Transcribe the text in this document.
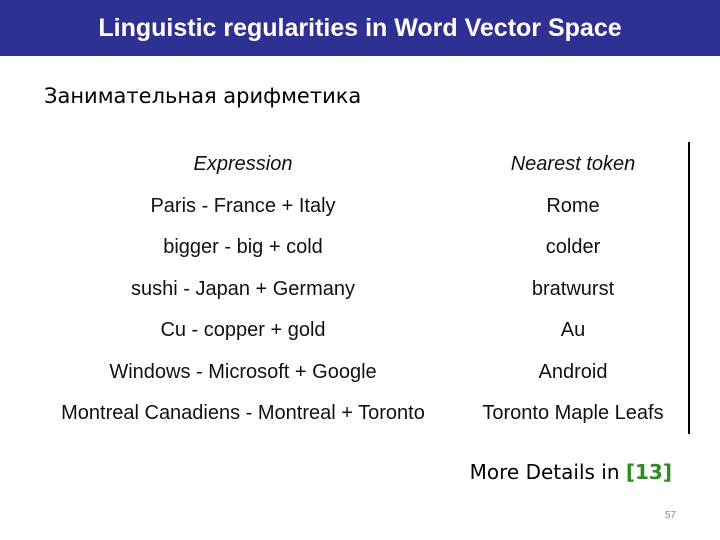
Linguistic regularities in Word Vector Space
Занимательная арифметика
Expression	Nearest token
Paris - France + Italy	Rome
bigger - big + cold	colder
sushi - Japan + Germany	bratwurst
Cu - copper + gold	Au
Windows - Microsoft + Google	Android
Montreal Canadiens - Montreal + Toronto	Toronto Maple Leafs
More Details in [13]
57
